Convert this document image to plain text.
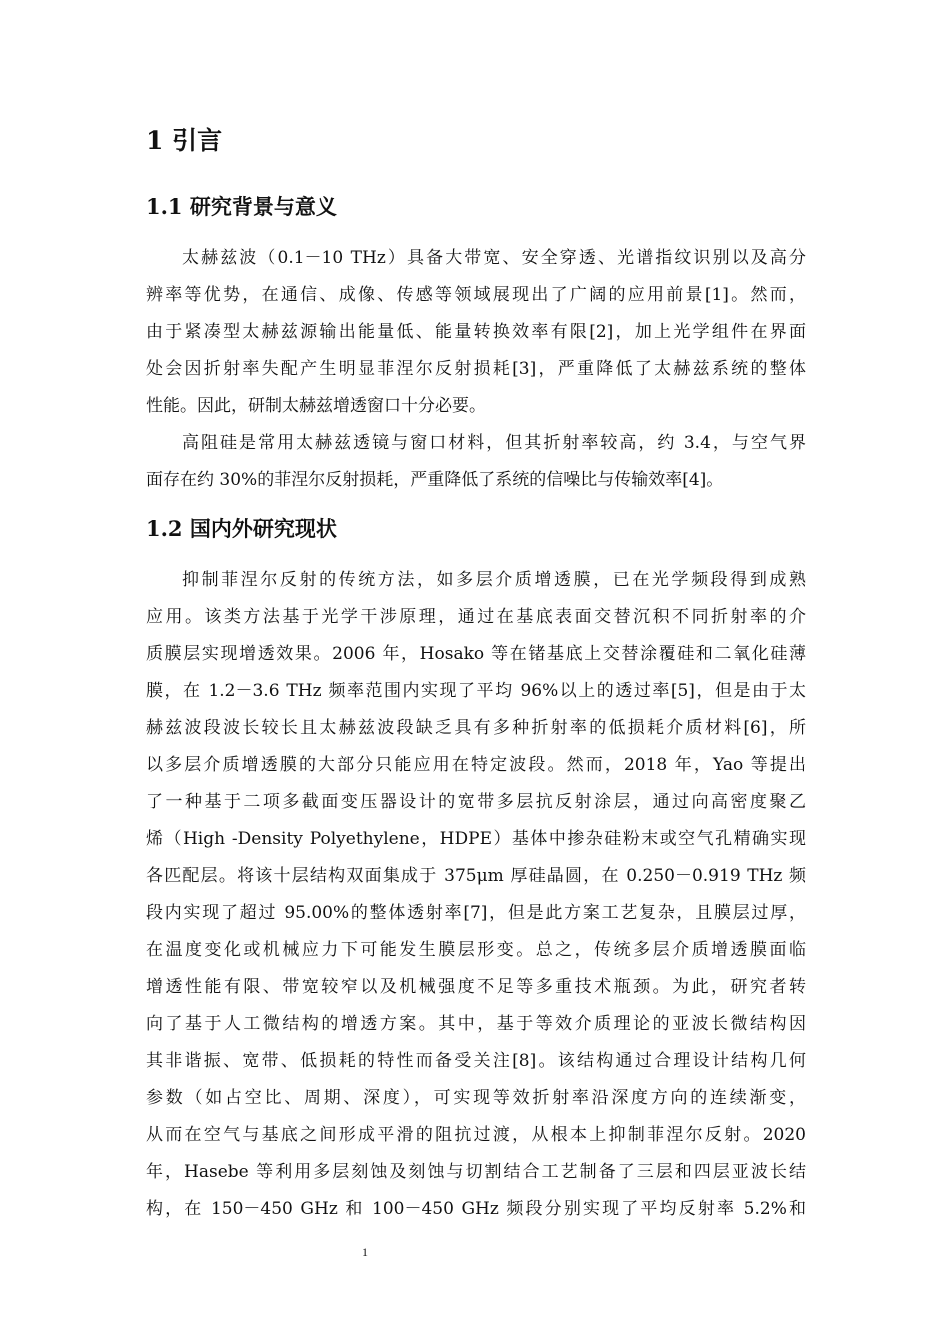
1 引言
1.1 研究背景与意义
太赫兹波（0.1－10 THz）具备大带宽、安全穿透、光谱指纹识别以及高分
辨率等优势，在通信、成像、传感等领域展现出了广阔的应用前景[1]。然而，
由于紧凑型太赫兹源输出能量低、能量转换效率有限[2]，加上光学组件在界面
处会因折射率失配产生明显菲涅尔反射损耗[3]，严重降低了太赫兹系统的整体
性能。因此，研制太赫兹增透窗口十分必要。
高阻硅是常用太赫兹透镜与窗口材料，但其折射率较高，约 3.4，与空气界
面存在约 30%的菲涅尔反射损耗，严重降低了系统的信噪比与传输效率[4]。
1.2 国内外研究现状
抑制菲涅尔反射的传统方法，如多层介质增透膜，已在光学频段得到成熟
应用。该类方法基于光学干涉原理，通过在基底表面交替沉积不同折射率的介
质膜层实现增透效果。2006 年，Hosako 等在锗基底上交替涂覆硅和二氧化硅薄
膜，在 1.2－3.6 THz 频率范围内实现了平均 96%以上的透过率[5]，但是由于太
赫兹波段波长较长且太赫兹波段缺乏具有多种折射率的低损耗介质材料[6]，所
以多层介质增透膜的大部分只能应用在特定波段。然而，2018 年，Yao 等提出
了一种基于二项多截面变压器设计的宽带多层抗反射涂层，通过向高密度聚乙
烯（High -Density Polyethylene，HDPE）基体中掺杂硅粉末或空气孔精确实现
各匹配层。将该十层结构双面集成于 375μm 厚硅晶圆，在 0.250－0.919 THz 频
段内实现了超过 95.00%的整体透射率[7]，但是此方案工艺复杂，且膜层过厚，
在温度变化或机械应力下可能发生膜层形变。总之，传统多层介质增透膜面临
增透性能有限、带宽较窄以及机械强度不足等多重技术瓶颈。为此，研究者转
向了基于人工微结构的增透方案。其中，基于等效介质理论的亚波长微结构因
其非谐振、宽带、低损耗的特性而备受关注[8]。该结构通过合理设计结构几何
参数（如占空比、周期、深度），可实现等效折射率沿深度方向的连续渐变，
从而在空气与基底之间形成平滑的阻抗过渡，从根本上抑制菲涅尔反射。2020
年，Hasebe 等利用多层刻蚀及刻蚀与切割结合工艺制备了三层和四层亚波长结
构，在 150－450 GHz 和 100－450 GHz 频段分别实现了平均反射率 5.2%和
1
